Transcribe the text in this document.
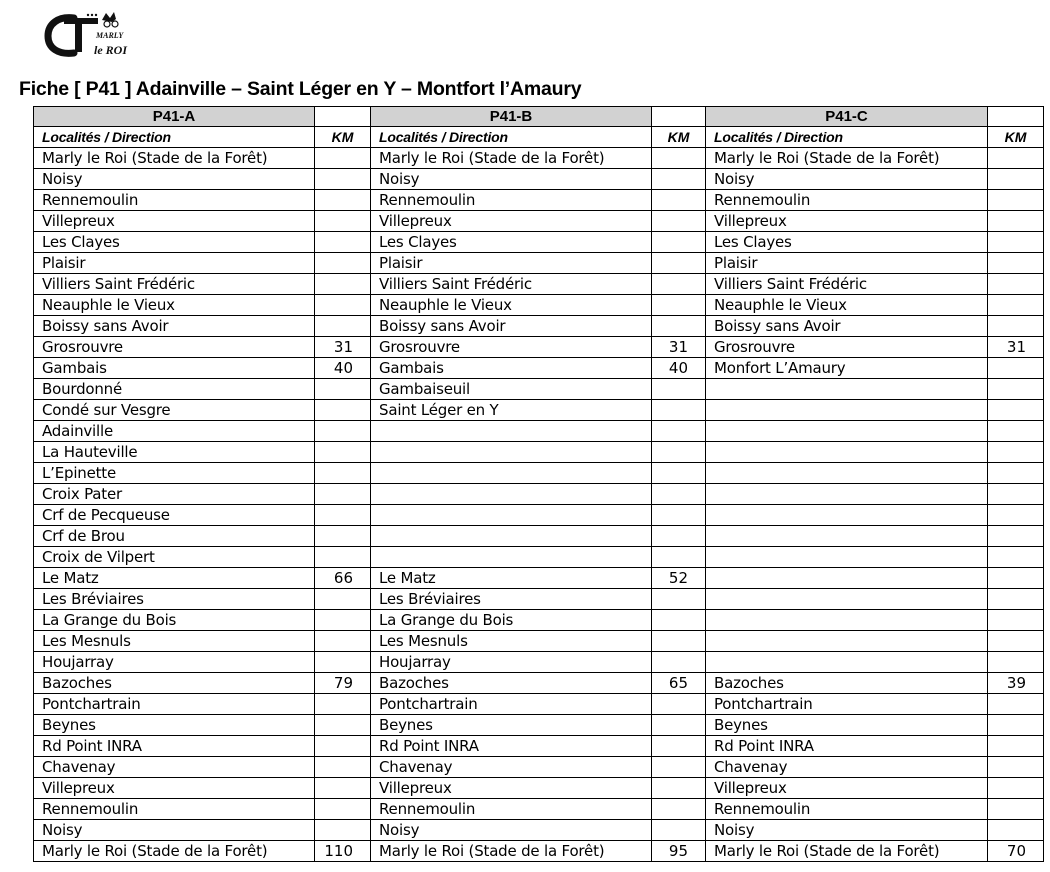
MARLY
le ROI
Fiche [ P41 ] Adainville – Saint Léger en Y – Montfort l’Amaury
P41-A		P41-B		P41-C	
Localités / Direction	KM	Localités / Direction	KM	Localités / Direction	KM
Marly le Roi (Stade de la Forêt)		Marly le Roi (Stade de la Forêt)		Marly le Roi (Stade de la Forêt)	
Noisy		Noisy		Noisy	
Rennemoulin		Rennemoulin		Rennemoulin	
Villepreux		Villepreux		Villepreux	
Les Clayes		Les Clayes		Les Clayes	
Plaisir		Plaisir		Plaisir	
Villiers Saint Frédéric		Villiers Saint Frédéric		Villiers Saint Frédéric	
Neauphle le Vieux		Neauphle le Vieux		Neauphle le Vieux	
Boissy sans Avoir		Boissy sans Avoir		Boissy sans Avoir	
Grosrouvre	31	Grosrouvre	31	Grosrouvre	31
Gambais	40	Gambais	40	Monfort L’Amaury	
Bourdonné		Gambaiseuil			
Condé sur Vesgre		Saint Léger en Y			
Adainville					
La Hauteville					
L’Epinette					
Croix Pater					
Crf de Pecqueuse					
Crf de Brou					
Croix de Vilpert					
Le Matz	66	Le Matz	52		
Les Bréviaires		Les Bréviaires			
La Grange du Bois		La Grange du Bois			
Les Mesnuls		Les Mesnuls			
Houjarray		Houjarray			
Bazoches	79	Bazoches	65	Bazoches	39
Pontchartrain		Pontchartrain		Pontchartrain	
Beynes		Beynes		Beynes	
Rd Point INRA		Rd Point INRA		Rd Point INRA	
Chavenay		Chavenay		Chavenay	
Villepreux		Villepreux		Villepreux	
Rennemoulin		Rennemoulin		Rennemoulin	
Noisy		Noisy		Noisy	
Marly le Roi (Stade de la Forêt)	110	Marly le Roi (Stade de la Forêt)	95	Marly le Roi (Stade de la Forêt)	70
